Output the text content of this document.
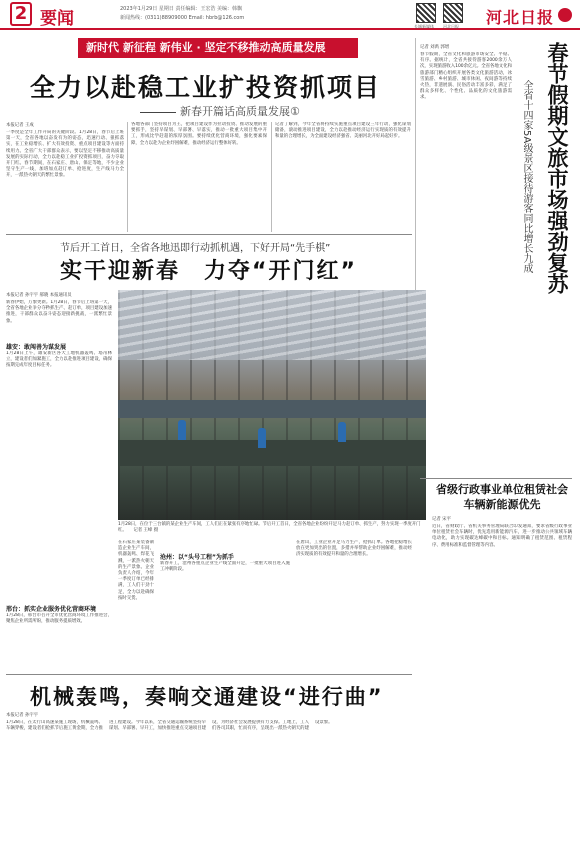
2 要闻	2023年1月29日 星期日 责任编辑：王宏浩 美编：韩飘
新闻热线：(0311)88909000 Email: hbrb@126.com
长城新媒体 河北日报 河北日报
新时代 新征程 新伟业 · 坚定不移推动高质量发展
全力以赴稳工业扩投资抓项目
新春开篇话高质量发展①
本报记者 王成
一季度是全年工作开局的关键阶段。1月28日，春节后上班第一天，全省各地以奋发有为的姿态，迅速行动、狠抓落实，在工业稳增长、扩大有效投资、重点项目建设等方面持续用力。全省广大干部群众表示，要以坚定不移推动高质量发展的实际行动，全力以赴稳工业扩投资抓项目，奋力夺取开门红。春节期间，在石家庄、唐山、保定等地，不少企业坚守生产一线，加班加点赶订单、抢进度，生产线马力全开，一派热火朝天的繁忙景象。
各地各部门坚持项目为王，把项目建设作为拉动投资、推动发展的重要抓手，坚持早谋划、早部署、早落实，推动一批重大项目集中开工，形成比学赶超的浓厚氛围。要持续优化营商环境，强化要素保障，全力以赴为企业纾困解难，推动经济运行整体好转。
记者了解到，今年全省将持续实施重点项目建设三年行动，强化谋划储备，滚动推进项目建设，全力以赴推动经济运行实现质的有效提升和量的合理增长，为全面建设经济强省、美丽河北开好局起好步。	春节假期文旅市场强劲复苏
全省十四家5A级景区接待游客同比增长九成
记者 刘禹 郭增
春节假期，全省文化和旅游市场安全、平稳、有序。据统计，全省共接待游客2000余万人次，实现旅游收入100余亿元。全省各地文化和旅游部门精心组织开展各类文化旅游活动，冰雪旅游、乡村旅游、城市休闲、夜间游等持续火热，非遗展演、民俗活动丰富多彩，满足了群众多样化、个性化、品质化的文化旅游需求。
节后开工首日，全省各地迅即行动抓机遇，下好开局“先手棋”
实干迎新春　力夺“开门红”
本报记者 孙宇宇 郝晓 本报通讯员
新春伊始，万象更新。1月28日，春节后上班第一天，全省各地企业争分夺秒抓生产、赶订单，项目建设加速推进，干部群众以奋斗姿态迎接新挑战，一派繁忙景象。
雄安：敢闯善为谋发展
1月28日上午，雄安新区各大工地机器轰鸣、塔吊林立，建设者们加紧施工，全力以赴推进项目建设，确保按期完成年度目标任务。
沧州：以“头号工程”为抓手
新春开工，沧州各重点企业生产线全面开足，一批重大项目进入施工冲刺阶段。
邢台：抓实企业服务优化营商环境
1月28日，邢台市召开全市优化营商环境工作推进会，聚焦企业所需所盼，推动服务提质增效。
1月28日，在位于三台镇的某企业生产车间，工人们正在紧张有序地忙碌。节后开工首日，全省各地企业纷纷开足马力赶订单、抓生产，努力实现一季度开门红。　　记者 王峰 摄
在石家庄某装备制造企业生产车间，机器轰鸣、焊花飞溅，一派热火朝天的生产景象。企业负责人介绍，今年一季度订单已经排满，工人们干劲十足，全力以赴确保按时交货。
在唐山，工业企业开足马力生产，抢抓订单。各地把稳增长放在更加突出的位置，多措并举帮助企业纾困解难，推动经济实现质的有效提升和量的合理增长。
省级行政事业单位租赁社会车辆新能源优先
记者 宋平
近日，省财政厅、省机关事务管理局联合印发通知，要求省级行政事业单位租赁社会车辆时，优先选用新能源汽车，进一步推动公共领域车辆电动化，助力实现碳达峰碳中和目标。通知明确了租赁范围、租赁程序、费用标准和监督管理等内容。
机械轰鸣，奏响交通建设“进行曲”
本报记者 孙宇宇
1月28日，在太行山高速某施工现场，机械轰鸣、车辆穿梭，建设者们抢抓节后施工黄金期，全力推进工程建设。今年以来，全省交通运输系统坚持早谋划、早部署、早开工，加快推进重点交通项目建设，为经济社会发展提供有力支撑。工地上，工人们各司其职，忙而有序，呈现出一派热火朝天的建设景象。
